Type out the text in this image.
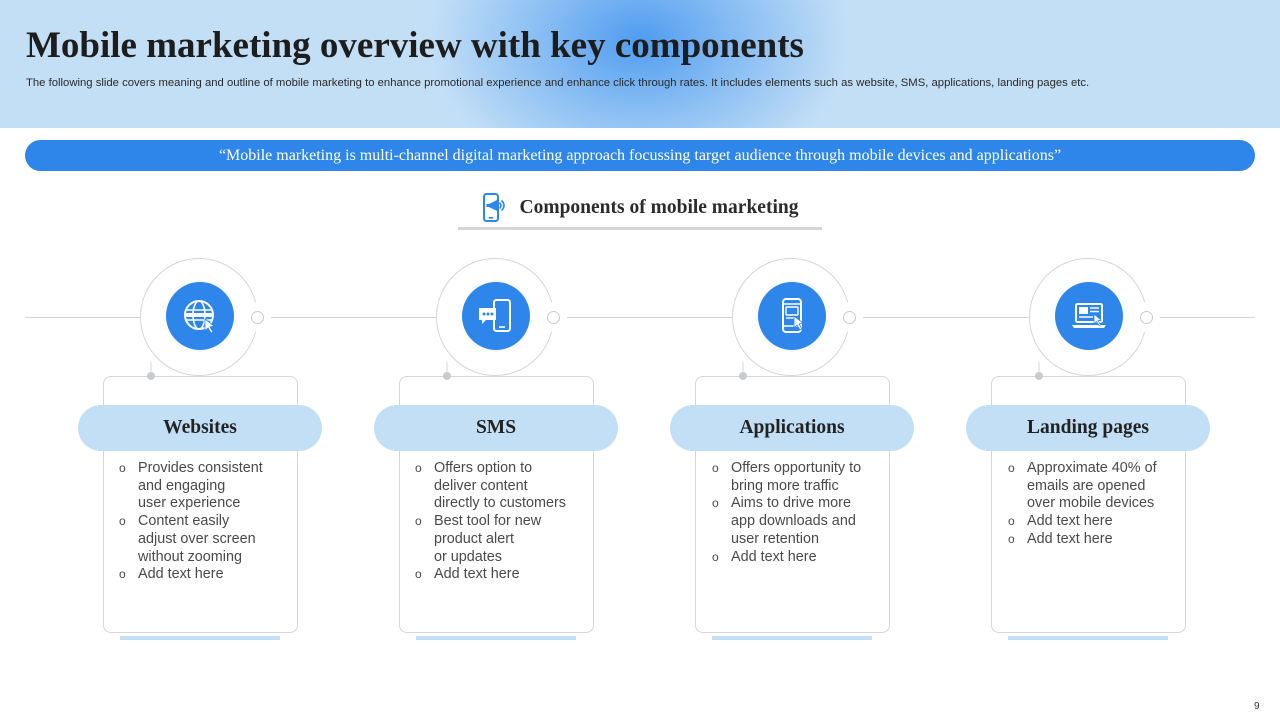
Mobile marketing overview with key components

The following slide covers meaning and outline of mobile marketing to enhance promotional experience and enhance click through rates. It includes elements such as website, SMS, applications, landing pages etc.

“Mobile marketing is multi-channel digital marketing approach focussing target audience through mobile devices and applications”
Components of mobile marketing
Websites
o Provides consistent
and engaging
user experience
o Content easily
adjust over screen
without zooming
o Add text here
SMS
o Offers option to
deliver content
directly to customers
o Best tool for new
product alert
or updates
o Add text here
Applications
o Offers opportunity to
bring more traffic
o Aims to drive more
app downloads and
user retention
o Add text here
Landing pages
o Approximate 40% of
emails are opened
over mobile devices
o Add text here
o Add text here
9
